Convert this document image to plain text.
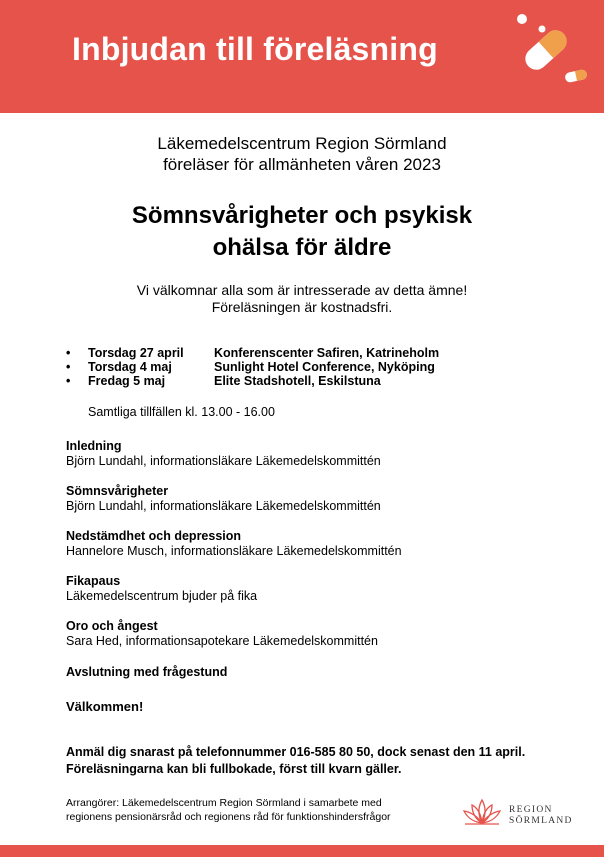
Inbjudan till föreläsning
Läkemedelscentrum Region Sörmland
föreläser för allmänheten våren 2023
Sömnsvårigheter och psykisk
ohälsa för äldre
Vi välkomnar alla som är intresserade av detta ämne!
Föreläsningen är kostnadsfri.
• Torsdag 27 april Konferenscenter Safiren, Katrineholm
• Torsdag 4 maj	Sunlight Hotel Conference, Nyköping
• Fredag 5 maj	Elite Stadshotell, Eskilstuna
Samtliga tillfällen kl. 13.00 - 16.00
Inledning
Björn Lundahl, informationsläkare Läkemedelskommittén
Sömnsvårigheter
Björn Lundahl, informationsläkare Läkemedelskommittén
Nedstämdhet och depression
Hannelore Musch, informationsläkare Läkemedelskommittén
Fikapaus
Läkemedelscentrum bjuder på fika
Oro och ångest
Sara Hed, informationsapotekare Läkemedelskommittén
Avslutning med frågestund
Välkommen!
Anmäl dig snarast på telefonnummer 016-585 80 50, dock senast den 11 april.
Föreläsningarna kan bli fullbokade, först till kvarn gäller.
Arrangörer: Läkemedelscentrum Region Sörmland i samarbete med
regionens pensionärsråd och regionens råd för funktionshindersfrågor
REGION
SÖRMLAND
